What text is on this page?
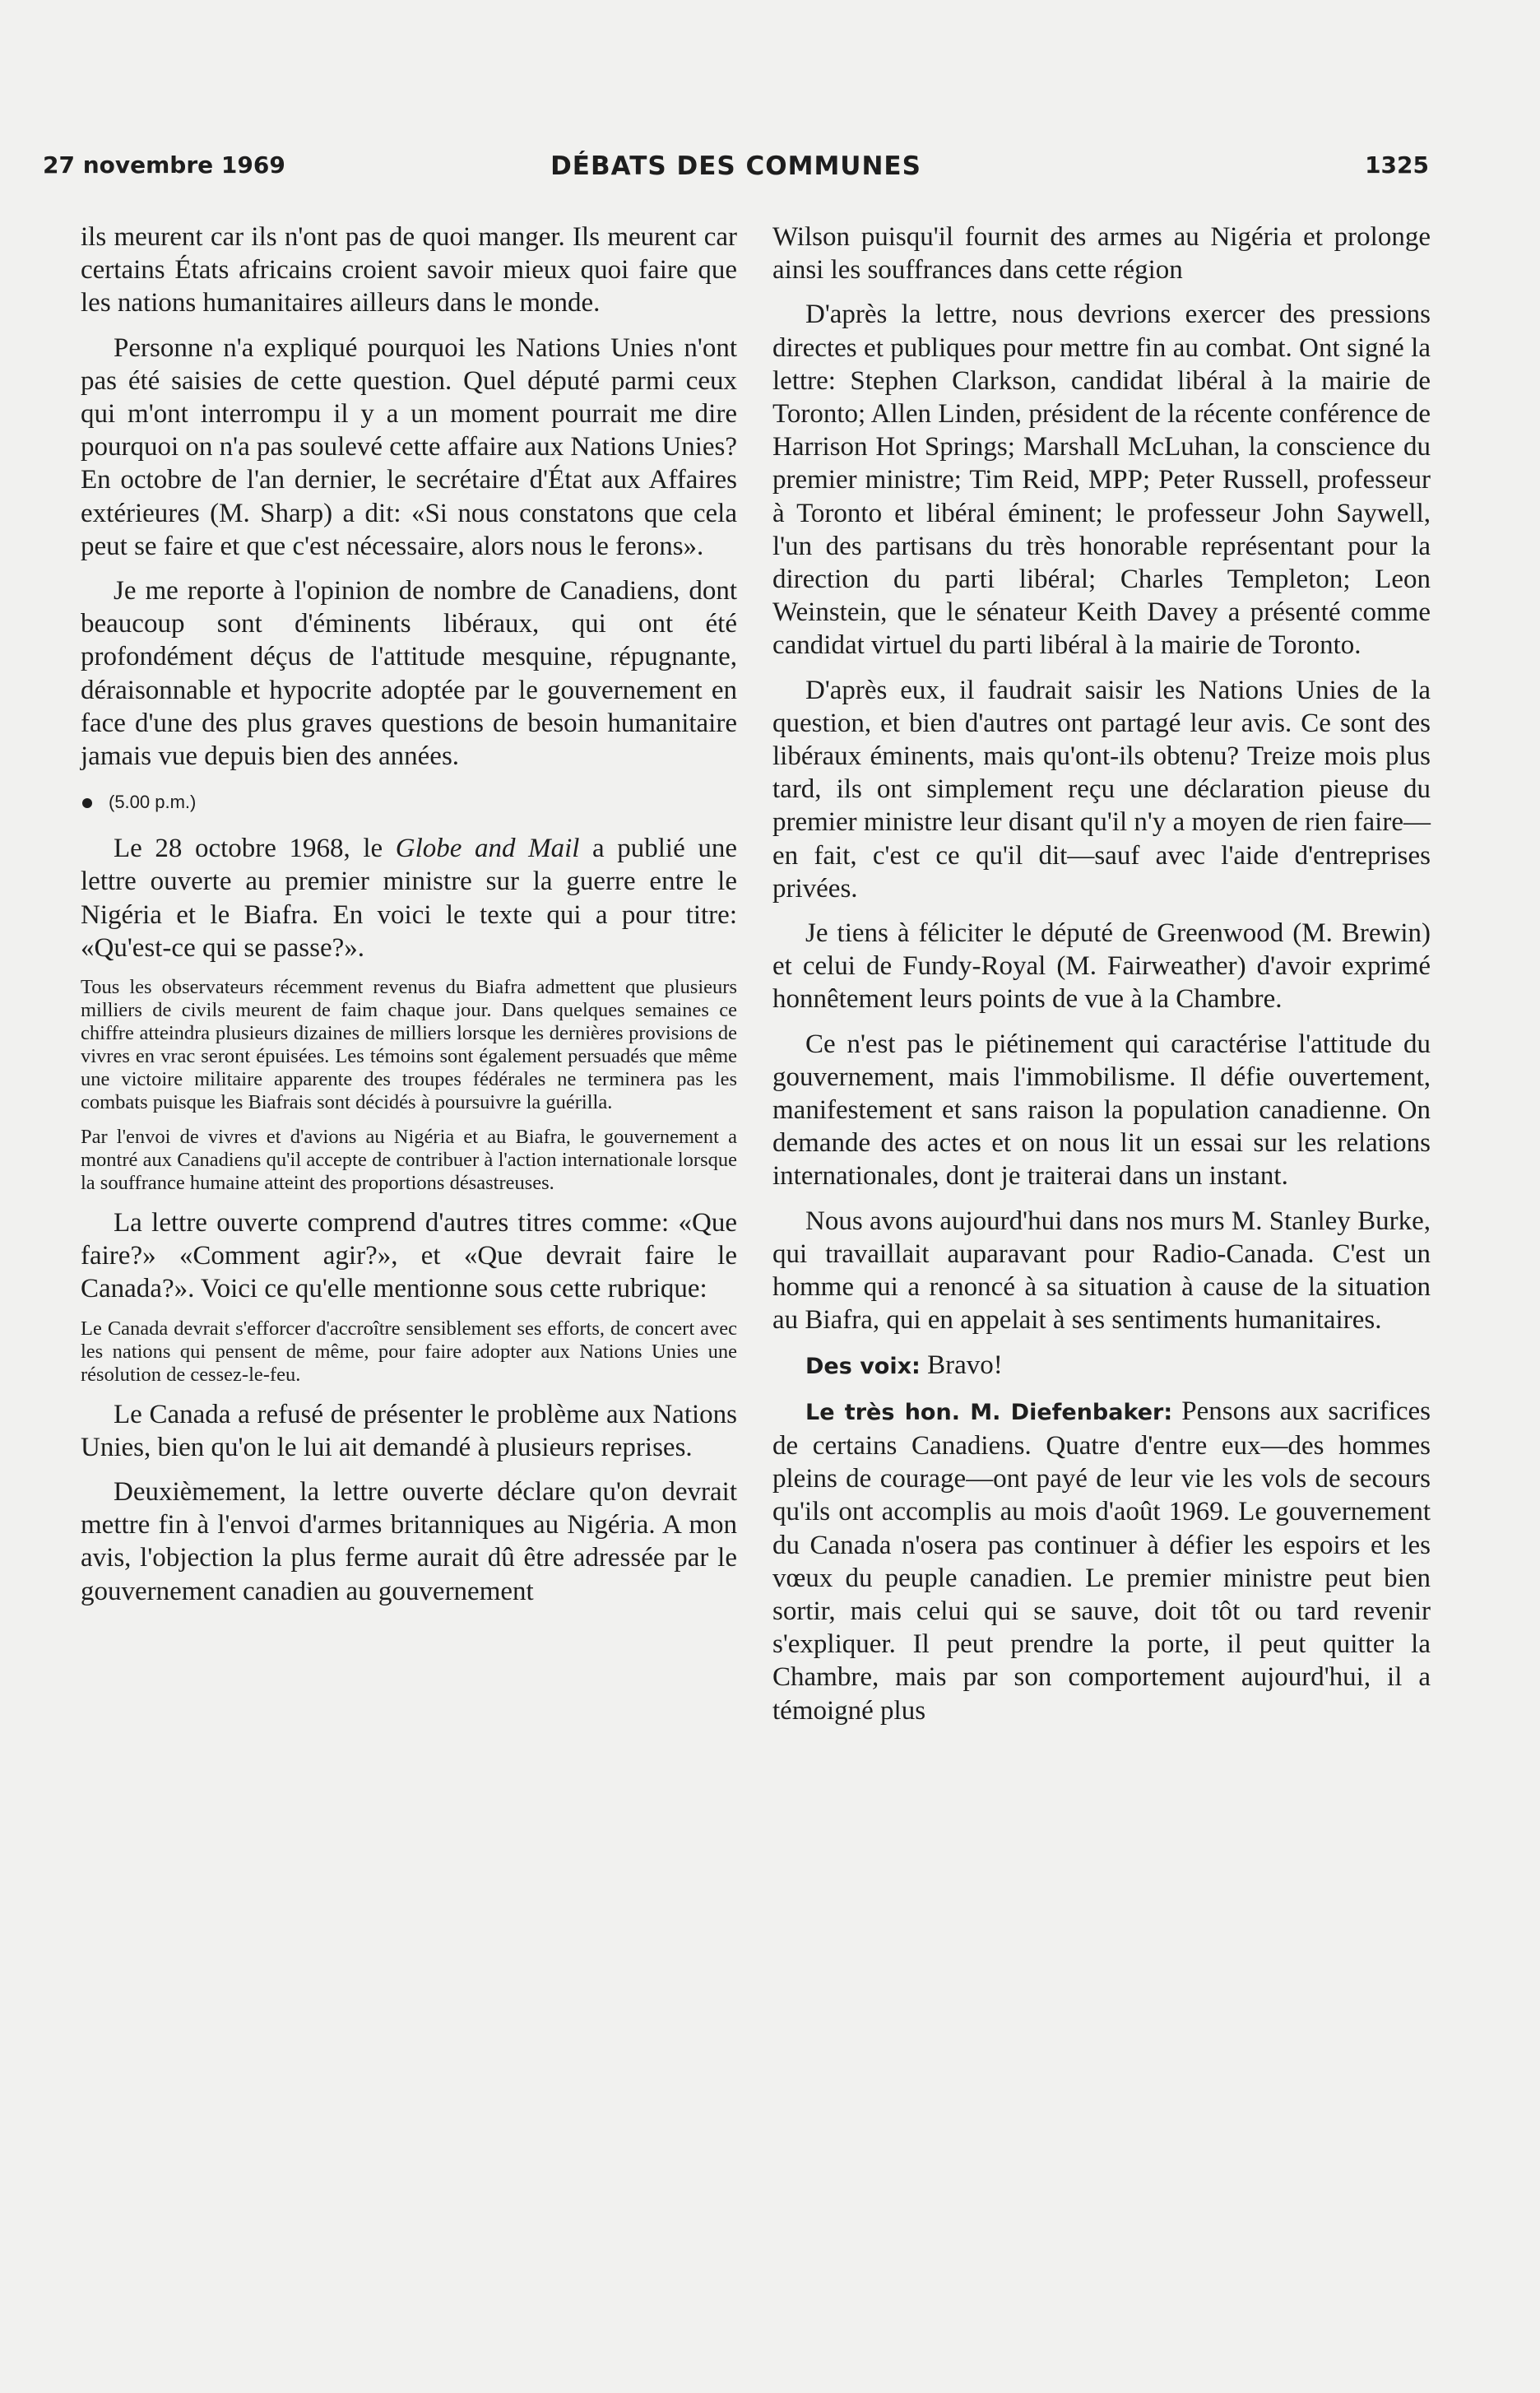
27 novembre 1969	DÉBATS DES COMMUNES	1325

ils meurent car ils n'ont pas de quoi manger. Ils meurent car certains États africains croient savoir mieux quoi faire que les nations humanitaires ailleurs dans le monde.

Personne n'a expliqué pourquoi les Nations Unies n'ont pas été saisies de cette question. Quel député parmi ceux qui m'ont interrompu il y a un moment pourrait me dire pourquoi on n'a pas soulevé cette affaire aux Nations Unies? En octobre de l'an dernier, le secrétaire d'État aux Affaires extérieures (M. Sharp) a dit: «Si nous constatons que cela peut se faire et que c'est nécessaire, alors nous le ferons».

Je me reporte à l'opinion de nombre de Canadiens, dont beaucoup sont d'éminents libéraux, qui ont été profondément déçus de l'attitude mesquine, répugnante, déraisonnable et hypocrite adoptée par le gouvernement en face d'une des plus graves questions de besoin humanitaire jamais vue depuis bien des années.

(5.00 p.m.)

Le 28 octobre 1968, le Globe and Mail a publié une lettre ouverte au premier ministre sur la guerre entre le Nigéria et le Biafra. En voici le texte qui a pour titre: «Qu'est-ce qui se passe?».

Tous les observateurs récemment revenus du Biafra admettent que plusieurs milliers de civils meurent de faim chaque jour. Dans quelques semaines ce chiffre atteindra plusieurs dizaines de milliers lorsque les dernières provisions de vivres en vrac seront épuisées. Les témoins sont également persuadés que même une victoire militaire apparente des troupes fédérales ne terminera pas les combats puisque les Biafrais sont décidés à poursuivre la guérilla.

Par l'envoi de vivres et d'avions au Nigéria et au Biafra, le gouvernement a montré aux Canadiens qu'il accepte de contribuer à l'action internationale lorsque la souffrance humaine atteint des proportions désastreuses.

La lettre ouverte comprend d'autres titres comme: «Que faire?» «Comment agir?», et «Que devrait faire le Canada?». Voici ce qu'elle mentionne sous cette rubrique:

Le Canada devrait s'efforcer d'accroître sensiblement ses efforts, de concert avec les nations qui pensent de même, pour faire adopter aux Nations Unies une résolution de cessez-le-feu.

Le Canada a refusé de présenter le problème aux Nations Unies, bien qu'on le lui ait demandé à plusieurs reprises.

Deuxièmement, la lettre ouverte déclare qu'on devrait mettre fin à l'envoi d'armes britanniques au Nigéria. A mon avis, l'objection la plus ferme aurait dû être adressée par le gouvernement canadien au gouvernement

Wilson puisqu'il fournit des armes au Nigéria et prolonge ainsi les souffrances dans cette région

D'après la lettre, nous devrions exercer des pressions directes et publiques pour mettre fin au combat. Ont signé la lettre: Stephen Clarkson, candidat libéral à la mairie de Toronto; Allen Linden, président de la récente conférence de Harrison Hot Springs; Marshall McLuhan, la conscience du premier ministre; Tim Reid, MPP; Peter Russell, professeur à Toronto et libéral éminent; le professeur John Saywell, l'un des partisans du très honorable représentant pour la direction du parti libéral; Charles Templeton; Leon Weinstein, que le sénateur Keith Davey a présenté comme candidat virtuel du parti libéral à la mairie de Toronto.

D'après eux, il faudrait saisir les Nations Unies de la question, et bien d'autres ont partagé leur avis. Ce sont des libéraux éminents, mais qu'ont-ils obtenu? Treize mois plus tard, ils ont simplement reçu une déclaration pieuse du premier ministre leur disant qu'il n'y a moyen de rien faire—en fait, c'est ce qu'il dit—sauf avec l'aide d'entreprises privées.

Je tiens à féliciter le député de Greenwood (M. Brewin) et celui de Fundy-Royal (M. Fairweather) d'avoir exprimé honnêtement leurs points de vue à la Chambre.

Ce n'est pas le piétinement qui caractérise l'attitude du gouvernement, mais l'immobilisme. Il défie ouvertement, manifestement et sans raison la population canadienne. On demande des actes et on nous lit un essai sur les relations internationales, dont je traiterai dans un instant.

Nous avons aujourd'hui dans nos murs M. Stanley Burke, qui travaillait auparavant pour Radio-Canada. C'est un homme qui a renoncé à sa situation à cause de la situation au Biafra, qui en appelait à ses sentiments humanitaires.

Des voix: Bravo!

Le très hon. M. Diefenbaker: Pensons aux sacrifices de certains Canadiens. Quatre d'entre eux—des hommes pleins de courage—ont payé de leur vie les vols de secours qu'ils ont accomplis au mois d'août 1969. Le gouvernement du Canada n'osera pas continuer à défier les espoirs et les vœux du peuple canadien. Le premier ministre peut bien sortir, mais celui qui se sauve, doit tôt ou tard revenir s'expliquer. Il peut prendre la porte, il peut quitter la Chambre, mais par son comportement aujourd'hui, il a témoigné plus
